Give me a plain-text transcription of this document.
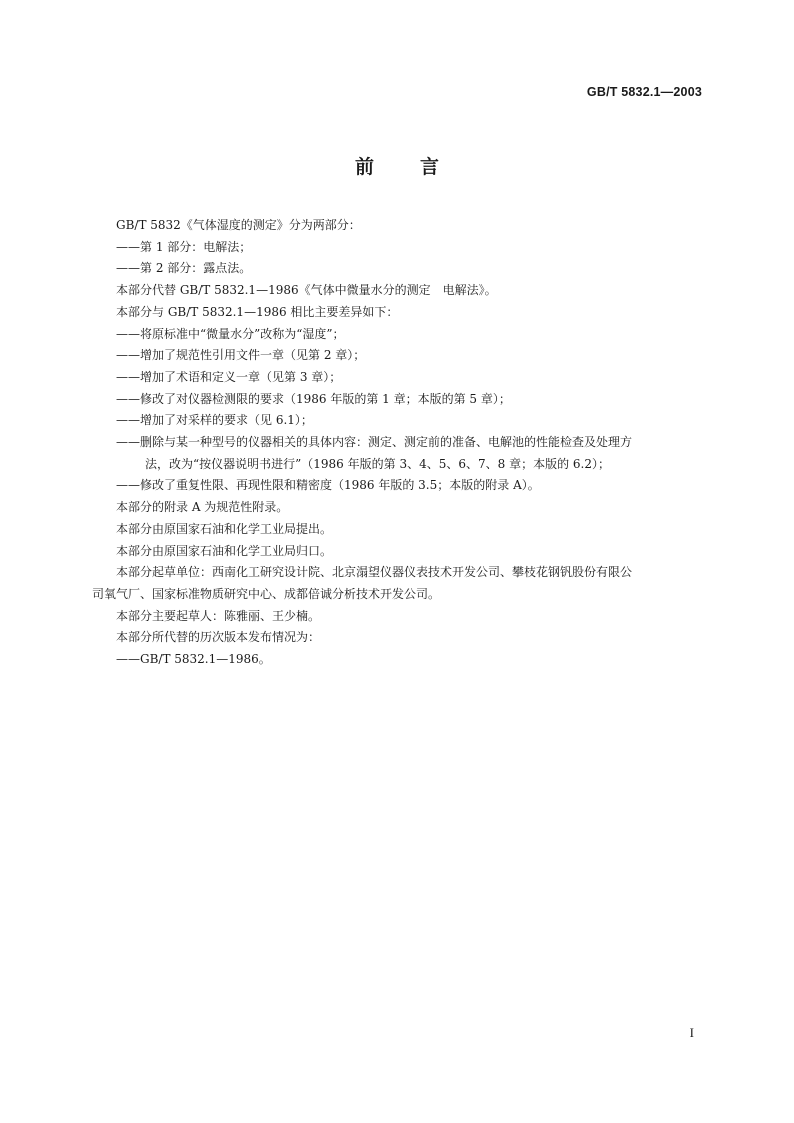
GB/T 5832.1—2003
前 言
GB/T 5832《气体湿度的测定》分为两部分：
——第 1 部分：电解法；
——第 2 部分：露点法。
本部分代替 GB/T 5832.1—1986《气体中微量水分的测定　电解法》。
本部分与 GB/T 5832.1—1986 相比主要差异如下：
——将原标准中“微量水分”改称为“湿度”；
——增加了规范性引用文件一章（见第 2 章）；
——增加了术语和定义一章（见第 3 章）；
——修改了对仪器检测限的要求（1986 年版的第 1 章；本版的第 5 章）；
——增加了对采样的要求（见 6.1）；
——删除与某一种型号的仪器相关的具体内容：测定、测定前的准备、电解池的性能检查及处理方
法，改为“按仪器说明书进行”（1986 年版的第 3、4、5、6、7、8 章；本版的 6.2）；
——修改了重复性限、再现性限和精密度（1986 年版的 3.5；本版的附录 A）。
本部分的附录 A 为规范性附录。
本部分由原国家石油和化学工业局提出。
本部分由原国家石油和化学工业局归口。
本部分起草单位：西南化工研究设计院、北京溻望仪器仪表技术开发公司、攀枝花钢钒股份有限公
司氧气厂、国家标准物质研究中心、成都倍诚分析技术开发公司。
本部分主要起草人：陈雅丽、王少楠。
本部分所代替的历次版本发布情况为：
——GB/T 5832.1—1986。
I
